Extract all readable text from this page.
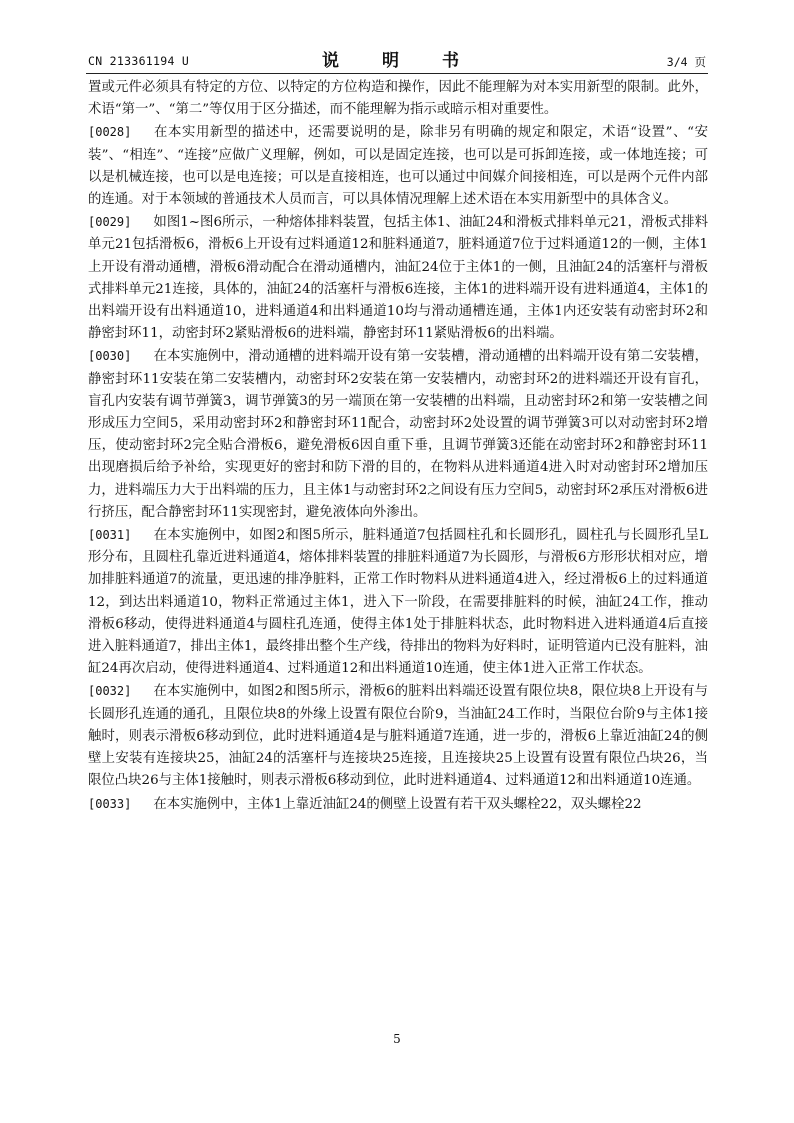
CN 213361194 U	说　明　书	3/4 页

置或元件必须具有特定的方位、以特定的方位构造和操作，因此不能理解为对本实用新型的限制。此外，术语“第一”、“第二”等仅用于区分描述，而不能理解为指示或暗示相对重要性。

[0028] 在本实用新型的描述中，还需要说明的是，除非另有明确的规定和限定，术语“设置”、“安装”、“相连”、“连接”应做广义理解，例如，可以是固定连接，也可以是可拆卸连接，或一体地连接；可以是机械连接，也可以是电连接；可以是直接相连，也可以通过中间媒介间接相连，可以是两个元件内部的连通。对于本领域的普通技术人员而言，可以具体情况理解上述术语在本实用新型中的具体含义。

[0029] 如图1~图6所示，一种熔体排料装置，包括主体1、油缸24和滑板式排料单元21，滑板式排料单元21包括滑板6，滑板6上开设有过料通道12和脏料通道7，脏料通道7位于过料通道12的一侧，主体1上开设有滑动通槽，滑板6滑动配合在滑动通槽内，油缸24位于主体1的一侧，且油缸24的活塞杆与滑板式排料单元21连接，具体的，油缸24的活塞杆与滑板6连接，主体1的进料端开设有进料通道4，主体1的出料端开设有出料通道10，进料通道4和出料通道10均与滑动通槽连通，主体1内还安装有动密封环2和静密封环11，动密封环2紧贴滑板6的进料端，静密封环11紧贴滑板6的出料端。

[0030] 在本实施例中，滑动通槽的进料端开设有第一安装槽，滑动通槽的出料端开设有第二安装槽，静密封环11安装在第二安装槽内，动密封环2安装在第一安装槽内，动密封环2的进料端还开设有盲孔，盲孔内安装有调节弹簧3，调节弹簧3的另一端顶在第一安装槽的出料端，且动密封环2和第一安装槽之间形成压力空间5，采用动密封环2和静密封环11配合，动密封环2处设置的调节弹簧3可以对动密封环2增压，使动密封环2完全贴合滑板6，避免滑板6因自重下垂，且调节弹簧3还能在动密封环2和静密封环11出现磨损后给予补给，实现更好的密封和防下滑的目的，在物料从进料通道4进入时对动密封环2增加压力，进料端压力大于出料端的压力，且主体1与动密封环2之间设有压力空间5，动密封环2承压对滑板6进行挤压，配合静密封环11实现密封，避免液体向外渗出。

[0031] 在本实施例中，如图2和图5所示，脏料通道7包括圆柱孔和长圆形孔，圆柱孔与长圆形孔呈L形分布，且圆柱孔靠近进料通道4，熔体排料装置的排脏料通道7为长圆形，与滑板6方形形状相对应，增加排脏料通道7的流量，更迅速的排净脏料，正常工作时物料从进料通道4进入，经过滑板6上的过料通道12，到达出料通道10，物料正常通过主体1，进入下一阶段，在需要排脏料的时候，油缸24工作，推动滑板6移动，使得进料通道4与圆柱孔连通，使得主体1处于排脏料状态，此时物料进入进料通道4后直接进入脏料通道7，排出主体1，最终排出整个生产线，待排出的物料为好料时，证明管道内已没有脏料，油缸24再次启动，使得进料通道4、过料通道12和出料通道10连通，使主体1进入正常工作状态。

[0032] 在本实施例中，如图2和图5所示，滑板6的脏料出料端还设置有限位块8，限位块8上开设有与长圆形孔连通的通孔，且限位块8的外缘上设置有限位台阶9，当油缸24工作时，当限位台阶9与主体1接触时，则表示滑板6移动到位，此时进料通道4是与脏料通道7连通，进一步的，滑板6上靠近油缸24的侧壁上安装有连接块25，油缸24的活塞杆与连接块25连接，且连接块25上设置有设置有限位凸块26，当限位凸块26与主体1接触时，则表示滑板6移动到位，此时进料通道4、过料通道12和出料通道10连通。

[0033] 在本实施例中，主体1上靠近油缸24的侧壁上设置有若干双头螺栓22，双头螺栓22

5
